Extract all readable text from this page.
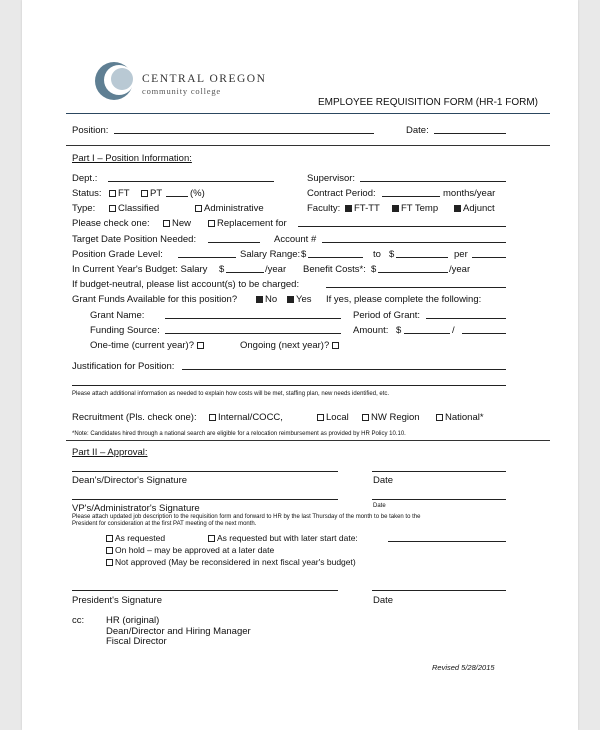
CENTRAL OREGON
community college
EMPLOYEE REQUISITION FORM (HR-1 FORM)
Position:	Date:
Part I – Position Information:
Dept.:	Supervisor:
Status:	FT	PT	(%)	Contract Period:	months/year
Type:	Classified	Administrative	Faculty:	FT-TT	FT Temp	Adjunct
Please check one:	New	Replacement for
Target Date Position Needed:	Account #
Position Grade Level:	Salary Range: $	to $	per
In Current Year's Budget: Salary $	/year Benefit Costs*: $	/year
If budget-neutral, please list account(s) to be charged:
Grant Funds Available for this position?	No	Yes If yes, please complete the following:
Grant Name:	Period of Grant:
Funding Source:	Amount: $	/
One-time (current year)?	Ongoing (next year)?
Justification for Position:
Please attach additional information as needed to explain how costs will be met, staffing plan, new needs identified, etc.
Recruitment (Pls. check one):	Internal/COCC,	Local	NW Region	National*
*Note: Candidates hired through a national search are eligible for a relocation reimbursement as provided by HR Policy 10.10.
Part II – Approval:
Dean's/Director's Signature	Date
VP's/Administrator's Signature	Date
Please attach updated job description to the requisition form and forward to HR by the last Thursday of the month to be taken to the
President for consideration at the first PAT meeting of the next month.
As requested	As requested but with later start date:
On hold – may be approved at a later date
Not approved (May be reconsidered in next fiscal year's budget)
President's Signature	Date
cc: HR (original)
Dean/Director and Hiring Manager
Fiscal Director
Revised 5/28/2015
